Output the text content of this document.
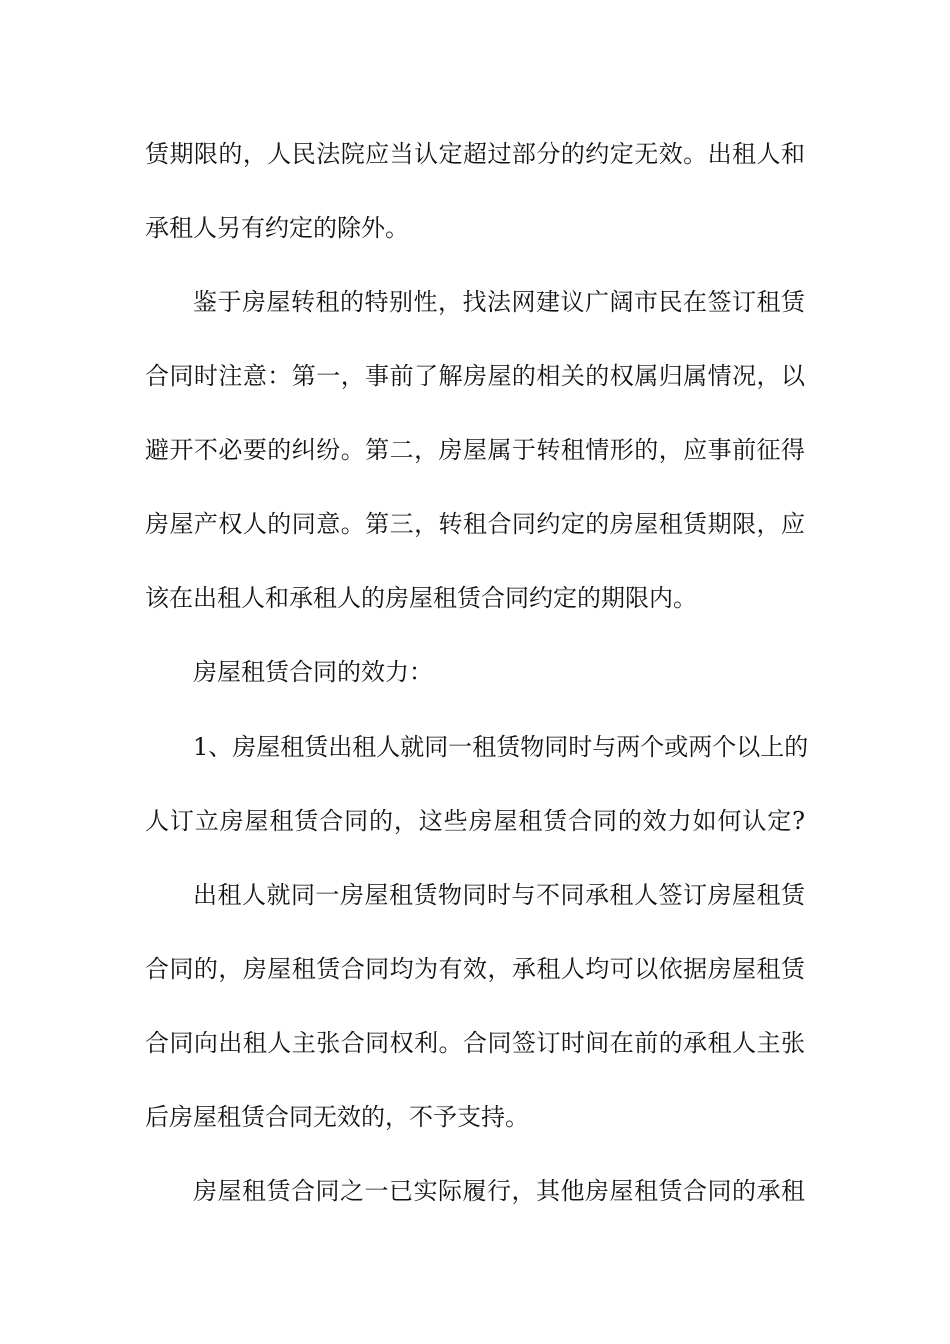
赁期限的，人民法院应当认定超过部分的约定无效。出租人和
承租人另有约定的除外。
鉴于房屋转租的特别性，找法网建议广阔市民在签订租赁
合同时注意：第一，事前了解房屋的相关的权属归属情况，以
避开不必要的纠纷。第二，房屋属于转租情形的，应事前征得
房屋产权人的同意。第三，转租合同约定的房屋租赁期限，应
该在出租人和承租人的房屋租赁合同约定的期限内。
房屋租赁合同的效力：
1、房屋租赁出租人就同一租赁物同时与两个或两个以上的
人订立房屋租赁合同的，这些房屋租赁合同的效力如何认定?
出租人就同一房屋租赁物同时与不同承租人签订房屋租赁
合同的，房屋租赁合同均为有效，承租人均可以依据房屋租赁
合同向出租人主张合同权利。合同签订时间在前的承租人主张
后房屋租赁合同无效的，不予支持。
房屋租赁合同之一已实际履行，其他房屋租赁合同的承租
